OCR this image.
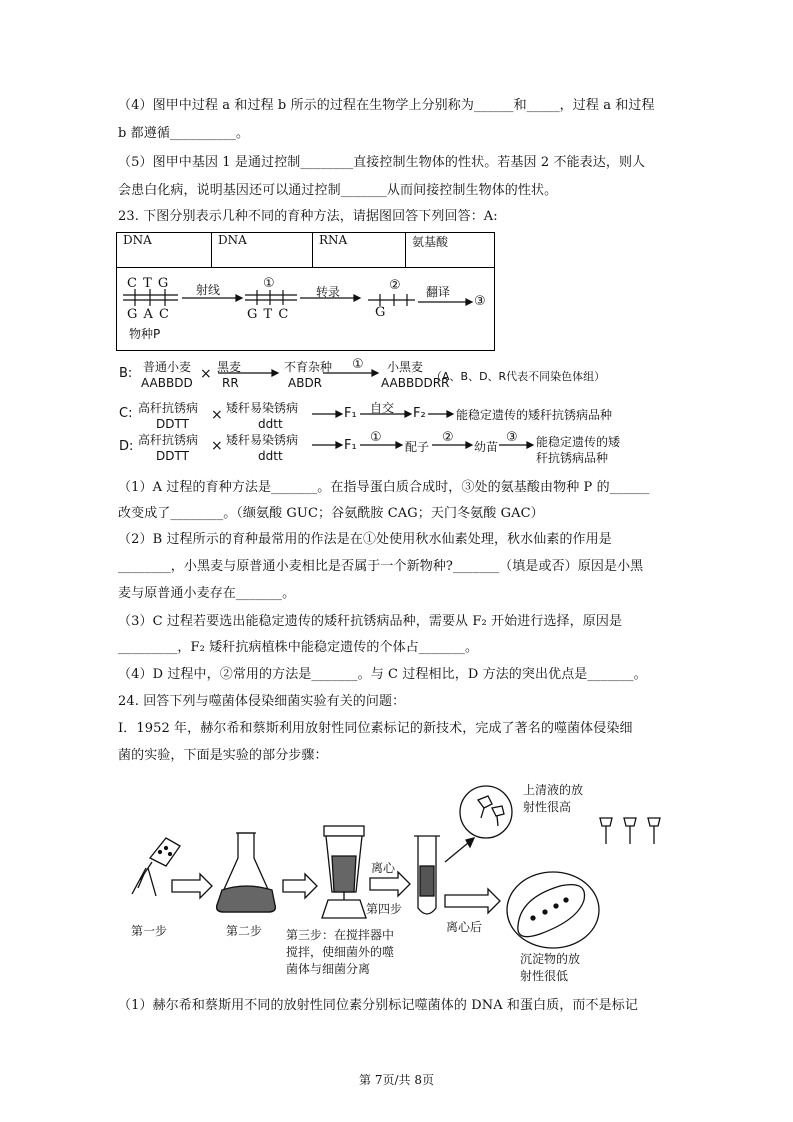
（4）图甲中过程 a 和过程 b 所示的过程在生物学上分别称为______和_____，过程 a 和过程
b 都遵循__________。
（5）图甲中基因 1 是通过控制________直接控制生物体的性状。若基因 2 不能表达，则人
会患白化病，说明基因还可以通过控制_______从而间接控制生物体的性状。
23. 下图分别表示几种不同的育种方法，请据图回答下列回答：A:
DNA	DNA	RNA	氨基酸

C T G
G A C
物种P
射线	①
G T C
转录	②
G
翻译
③
B: 普通小麦
AABBDD
× 黑麦
RR
不育杂种
ABDR
① 小黑麦
AABBDDRR
（A、B、D、R代表不同染色体组）
C: 高秆抗锈病
DDTT
× 矮秆易染锈病
ddtt
F₁ 自交 F₂	能稳定遗传的矮秆抗锈病品种
D: 高秆抗锈病
DDTT
× 矮秆易染锈病
ddtt
F₁
①
配子
②
幼苗
③ 能稳定遗传的矮
秆抗锈病品种
（1）A 过程的育种方法是_______。在指导蛋白质合成时，③处的氨基酸由物种 P 的______
改变成了________。（缬氨酸 GUC；谷氨酰胺 CAG；天门冬氨酸 GAC）
（2）B 过程所示的育种最常用的作法是在①处使用秋水仙素处理，秋水仙素的作用是
________，小黑麦与原普通小麦相比是否属于一个新物种?_______（填是或否）原因是小黑
麦与原普通小麦存在_______。
（3）C 过程若要选出能稳定遗传的矮秆抗锈病品种，需要从 F₂ 开始进行选择，原因是
_________，F₂ 矮秆抗病植株中能稳定遗传的个体占_______。
（4）D 过程中，②常用的方法是_______。与 C 过程相比，D 方法的突出优点是_______。
24. 回答下列与噬菌体侵染细菌实验有关的问题：
Ⅰ．1952 年，赫尔希和蔡斯利用放射性同位素标记的新技术，完成了著名的噬菌体侵染细
菌的实验，下面是实验的部分步骤：
第一步	第二步 第三步：在搅拌器中
搅拌，使细菌外的噬
菌体与细菌分离
离心
第四步
离心后
上清液的放
射性很高
沉淀物的放
射性很低
（1）赫尔希和蔡斯用不同的放射性同位素分别标记噬菌体的 DNA 和蛋白质，而不是标记
第 7页/共 8页
